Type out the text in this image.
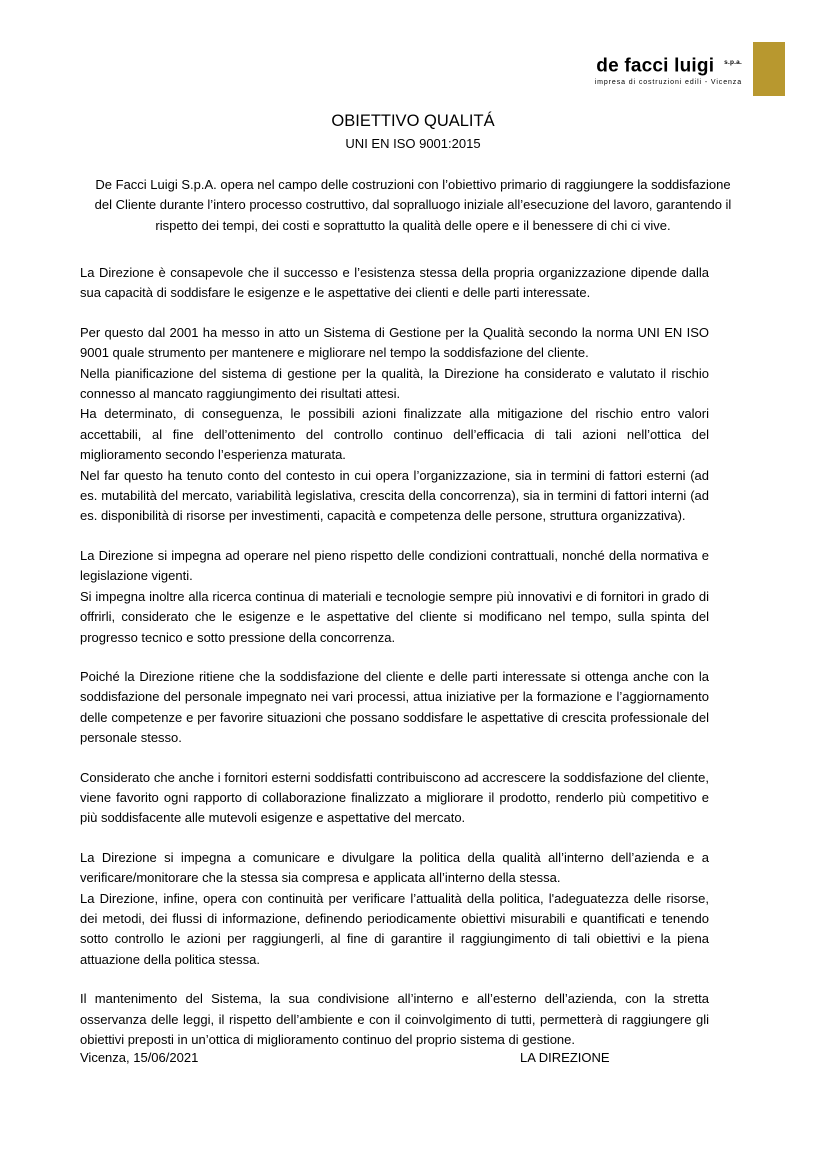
de facci luigi $^{s.p.a.}$
impresa di costruzioni edili - Vicenza
OBIETTIVO QUALITÁ
UNI EN ISO 9001:2015
De Facci Luigi S.p.A. opera nel campo delle costruzioni con l’obiettivo primario di raggiungere la soddisfazione del Cliente durante l’intero processo costruttivo, dal sopralluogo iniziale all’esecuzione del lavoro, garantendo il rispetto dei tempi, dei costi e soprattutto la qualità delle opere e il benessere di chi ci vive.

La Direzione è consapevole che il successo e l’esistenza stessa della propria organizzazione dipende dalla sua capacità di soddisfare le esigenze e le aspettative dei clienti e delle parti interessate.

Per questo dal 2001 ha messo in atto un Sistema di Gestione per la Qualità secondo la norma UNI EN ISO 9001 quale strumento per mantenere e migliorare nel tempo la soddisfazione del cliente.

Nella pianificazione del sistema di gestione per la qualità, la Direzione ha considerato e valutato il rischio connesso al mancato raggiungimento dei risultati attesi.

Ha determinato, di conseguenza, le possibili azioni finalizzate alla mitigazione del rischio entro valori accettabili, al fine dell’ottenimento del controllo continuo dell’efficacia di tali azioni nell’ottica del miglioramento secondo l’esperienza maturata.

Nel far questo ha tenuto conto del contesto in cui opera l’organizzazione, sia in termini di fattori esterni (ad es. mutabilità del mercato, variabilità legislativa, crescita della concorrenza), sia in termini di fattori interni (ad es. disponibilità di risorse per investimenti, capacità e competenza delle persone, struttura organizzativa).

La Direzione si impegna ad operare nel pieno rispetto delle condizioni contrattuali, nonché della normativa e legislazione vigenti.

Si impegna inoltre alla ricerca continua di materiali e tecnologie sempre più innovativi e di fornitori in grado di offrirli, considerato che le esigenze e le aspettative del cliente si modificano nel tempo, sulla spinta del progresso tecnico e sotto pressione della concorrenza.

Poiché la Direzione ritiene che la soddisfazione del cliente e delle parti interessate si ottenga anche con la soddisfazione del personale impegnato nei vari processi, attua iniziative per la formazione e l’aggiornamento delle competenze e per favorire situazioni che possano soddisfare le aspettative di crescita professionale del personale stesso.

Considerato che anche i fornitori esterni soddisfatti contribuiscono ad accrescere la soddisfazione del cliente, viene favorito ogni rapporto di collaborazione finalizzato a migliorare il prodotto, renderlo più competitivo e più soddisfacente alle mutevoli esigenze e aspettative del mercato.

La Direzione si impegna a comunicare e divulgare la politica della qualità all’interno dell’azienda e a verificare/monitorare che la stessa sia compresa e applicata all’interno della stessa.

La Direzione, infine, opera con continuità per verificare l’attualità della politica, l'adeguatezza delle risorse, dei metodi, dei flussi di informazione, definendo periodicamente obiettivi misurabili e quantificati e tenendo sotto controllo le azioni per raggiungerli, al fine di garantire il raggiungimento di tali obiettivi e la piena attuazione della politica stessa.

Il mantenimento del Sistema, la sua condivisione all’interno e all’esterno dell’azienda, con la stretta osservanza delle leggi, il rispetto dell’ambiente e con il coinvolgimento di tutti, permetterà di raggiungere gli obiettivi preposti in un’ottica di miglioramento continuo del proprio sistema di gestione.

Vicenza, 15/06/2021	LA DIREZIONE
